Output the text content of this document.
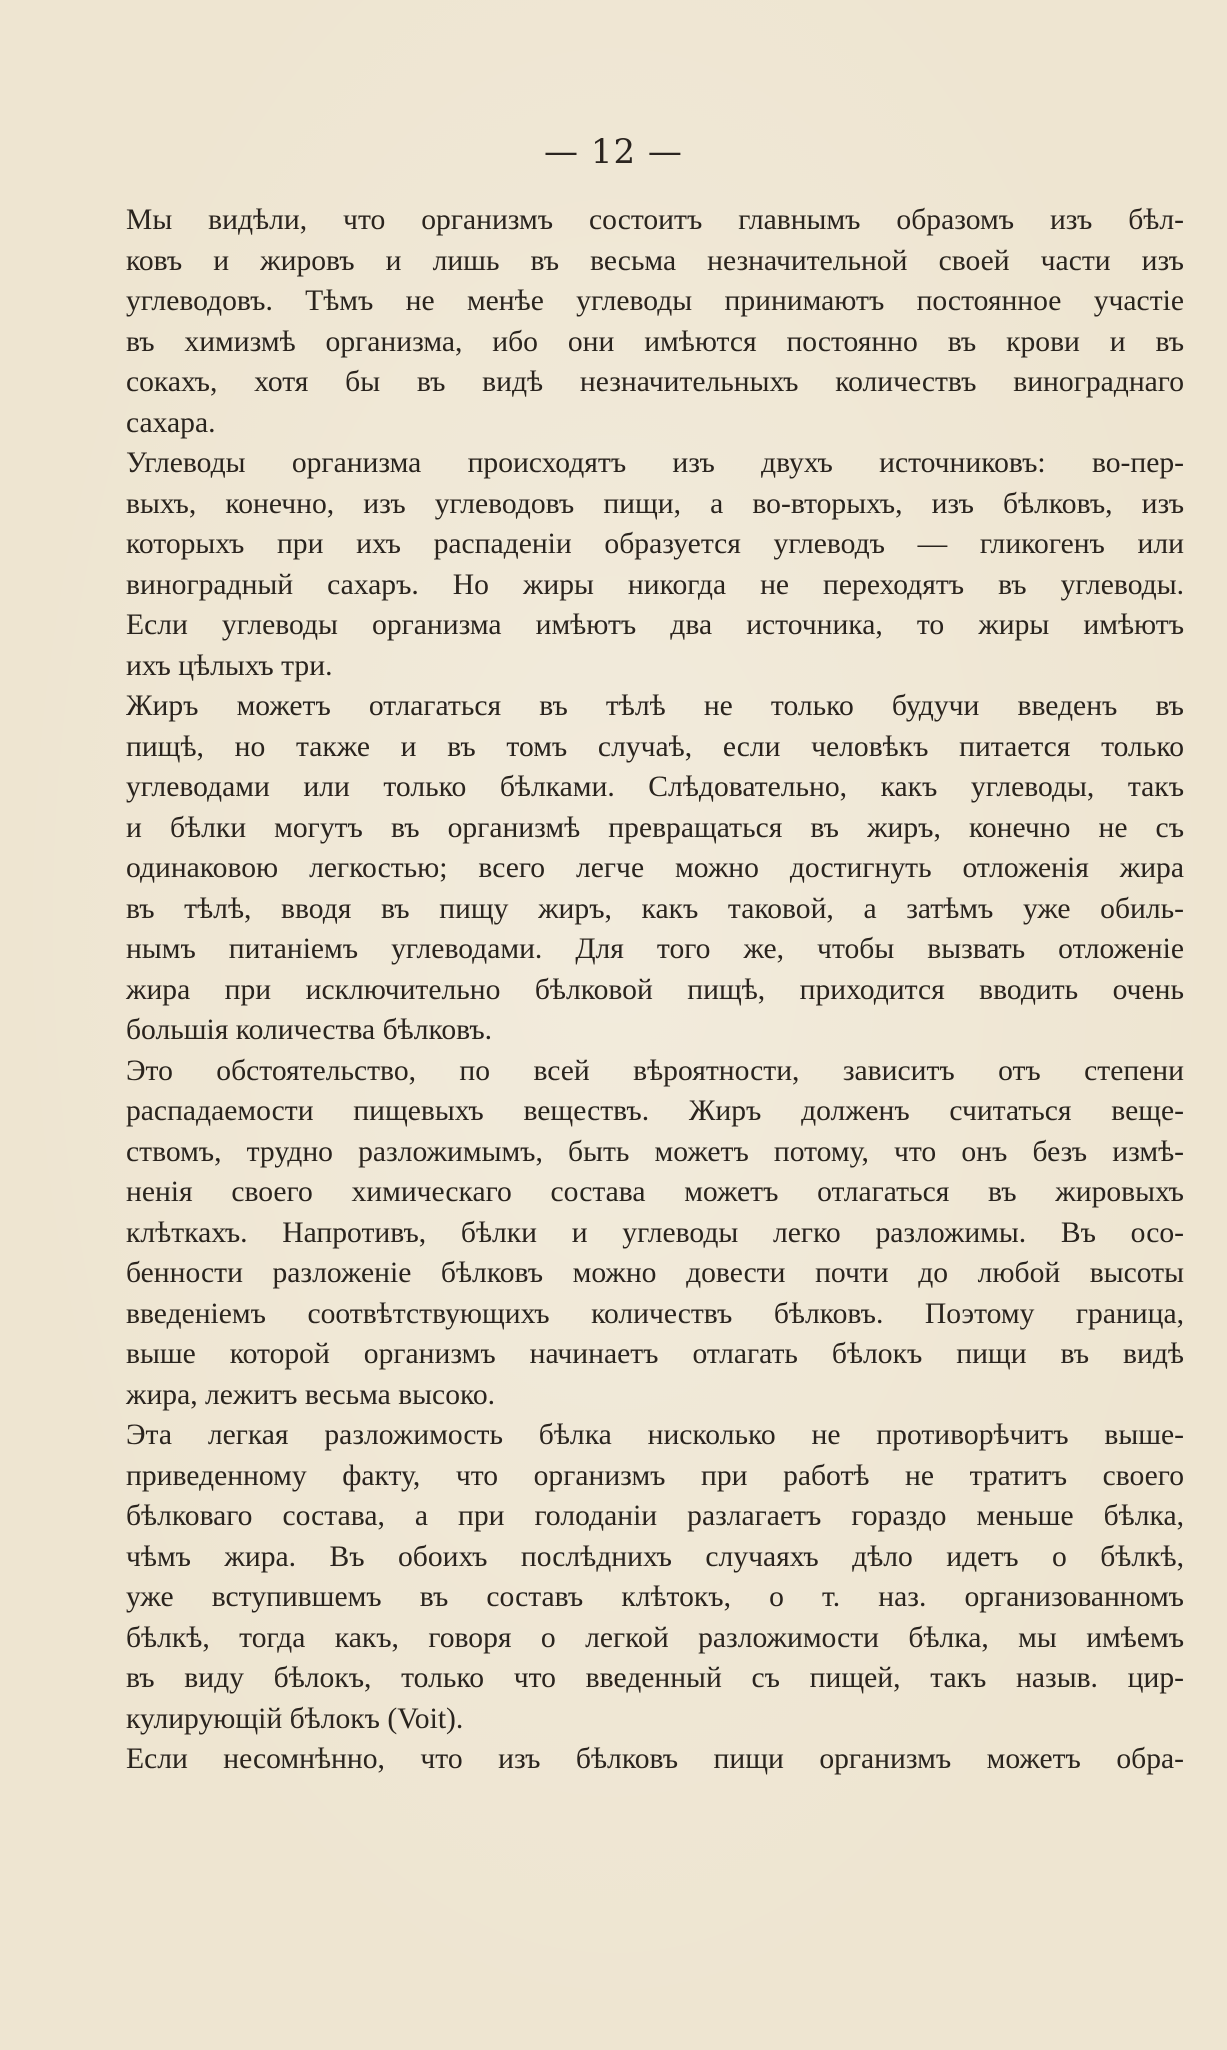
— 12 —

Мы видѣли, что организмъ состоитъ главнымъ образомъ изъ бѣл-
ковъ и жировъ и лишь въ весьма незначительной своей части изъ
углеводовъ. Тѣмъ не менѣе углеводы принимаютъ постоянное участіе
въ химизмѣ организма, ибо они имѣются постоянно въ крови и въ
сокахъ, хотя бы въ видѣ незначительныхъ количествъ винограднаго
сахара.

Углеводы организма происходятъ изъ двухъ источниковъ: во-пер-
выхъ, конечно, изъ углеводовъ пищи, а во-вторыхъ, изъ бѣлковъ, изъ
которыхъ при ихъ распаденіи образуется углеводъ — гликогенъ или
виноградный сахаръ. Но жиры никогда не переходятъ въ углеводы.

Если углеводы организма имѣютъ два источника, то жиры имѣютъ
ихъ цѣлыхъ три.

Жиръ можетъ отлагаться въ тѣлѣ не только будучи введенъ въ
пищѣ, но также и въ томъ случаѣ, если человѣкъ питается только
углеводами или только бѣлками. Слѣдовательно, какъ углеводы, такъ
и бѣлки могутъ въ организмѣ превращаться въ жиръ, конечно не съ
одинаковою легкостью; всего легче можно достигнуть отложенія жира
въ тѣлѣ, вводя въ пищу жиръ, какъ таковой, а затѣмъ уже обиль-
нымъ питаніемъ углеводами. Для того же, чтобы вызвать отложеніе
жира при исключительно бѣлковой пищѣ, приходится вводить очень
большія количества бѣлковъ.

Это обстоятельство, по всей вѣроятности, зависитъ отъ степени
распадаемости пищевыхъ веществъ. Жиръ долженъ считаться веще-
ствомъ, трудно разложимымъ, быть можетъ потому, что онъ безъ измѣ-
ненія своего химическаго состава можетъ отлагаться въ жировыхъ
клѣткахъ. Напротивъ, бѣлки и углеводы легко разложимы. Въ осо-
бенности разложеніе бѣлковъ можно довести почти до любой высоты
введеніемъ соотвѣтствующихъ количествъ бѣлковъ. Поэтому граница,
выше которой организмъ начинаетъ отлагать бѣлокъ пищи въ видѣ
жира, лежитъ весьма высоко.

Эта легкая разложимость бѣлка нисколько не противорѣчитъ выше-
приведенному факту, что организмъ при работѣ не тратитъ своего
бѣлковаго состава, а при голоданіи разлагаетъ гораздо меньше бѣлка,
чѣмъ жира. Въ обоихъ послѣднихъ случаяхъ дѣло идетъ о бѣлкѣ,
уже вступившемъ въ составъ клѣтокъ, о т. наз. организованномъ
бѣлкѣ, тогда какъ, говоря о легкой разложимости бѣлка, мы имѣемъ
въ виду бѣлокъ, только что введенный съ пищей, такъ назыв. цир-
кулирующій бѣлокъ (Voit).

Если несомнѣнно, что изъ бѣлковъ пищи организмъ можетъ обра-
